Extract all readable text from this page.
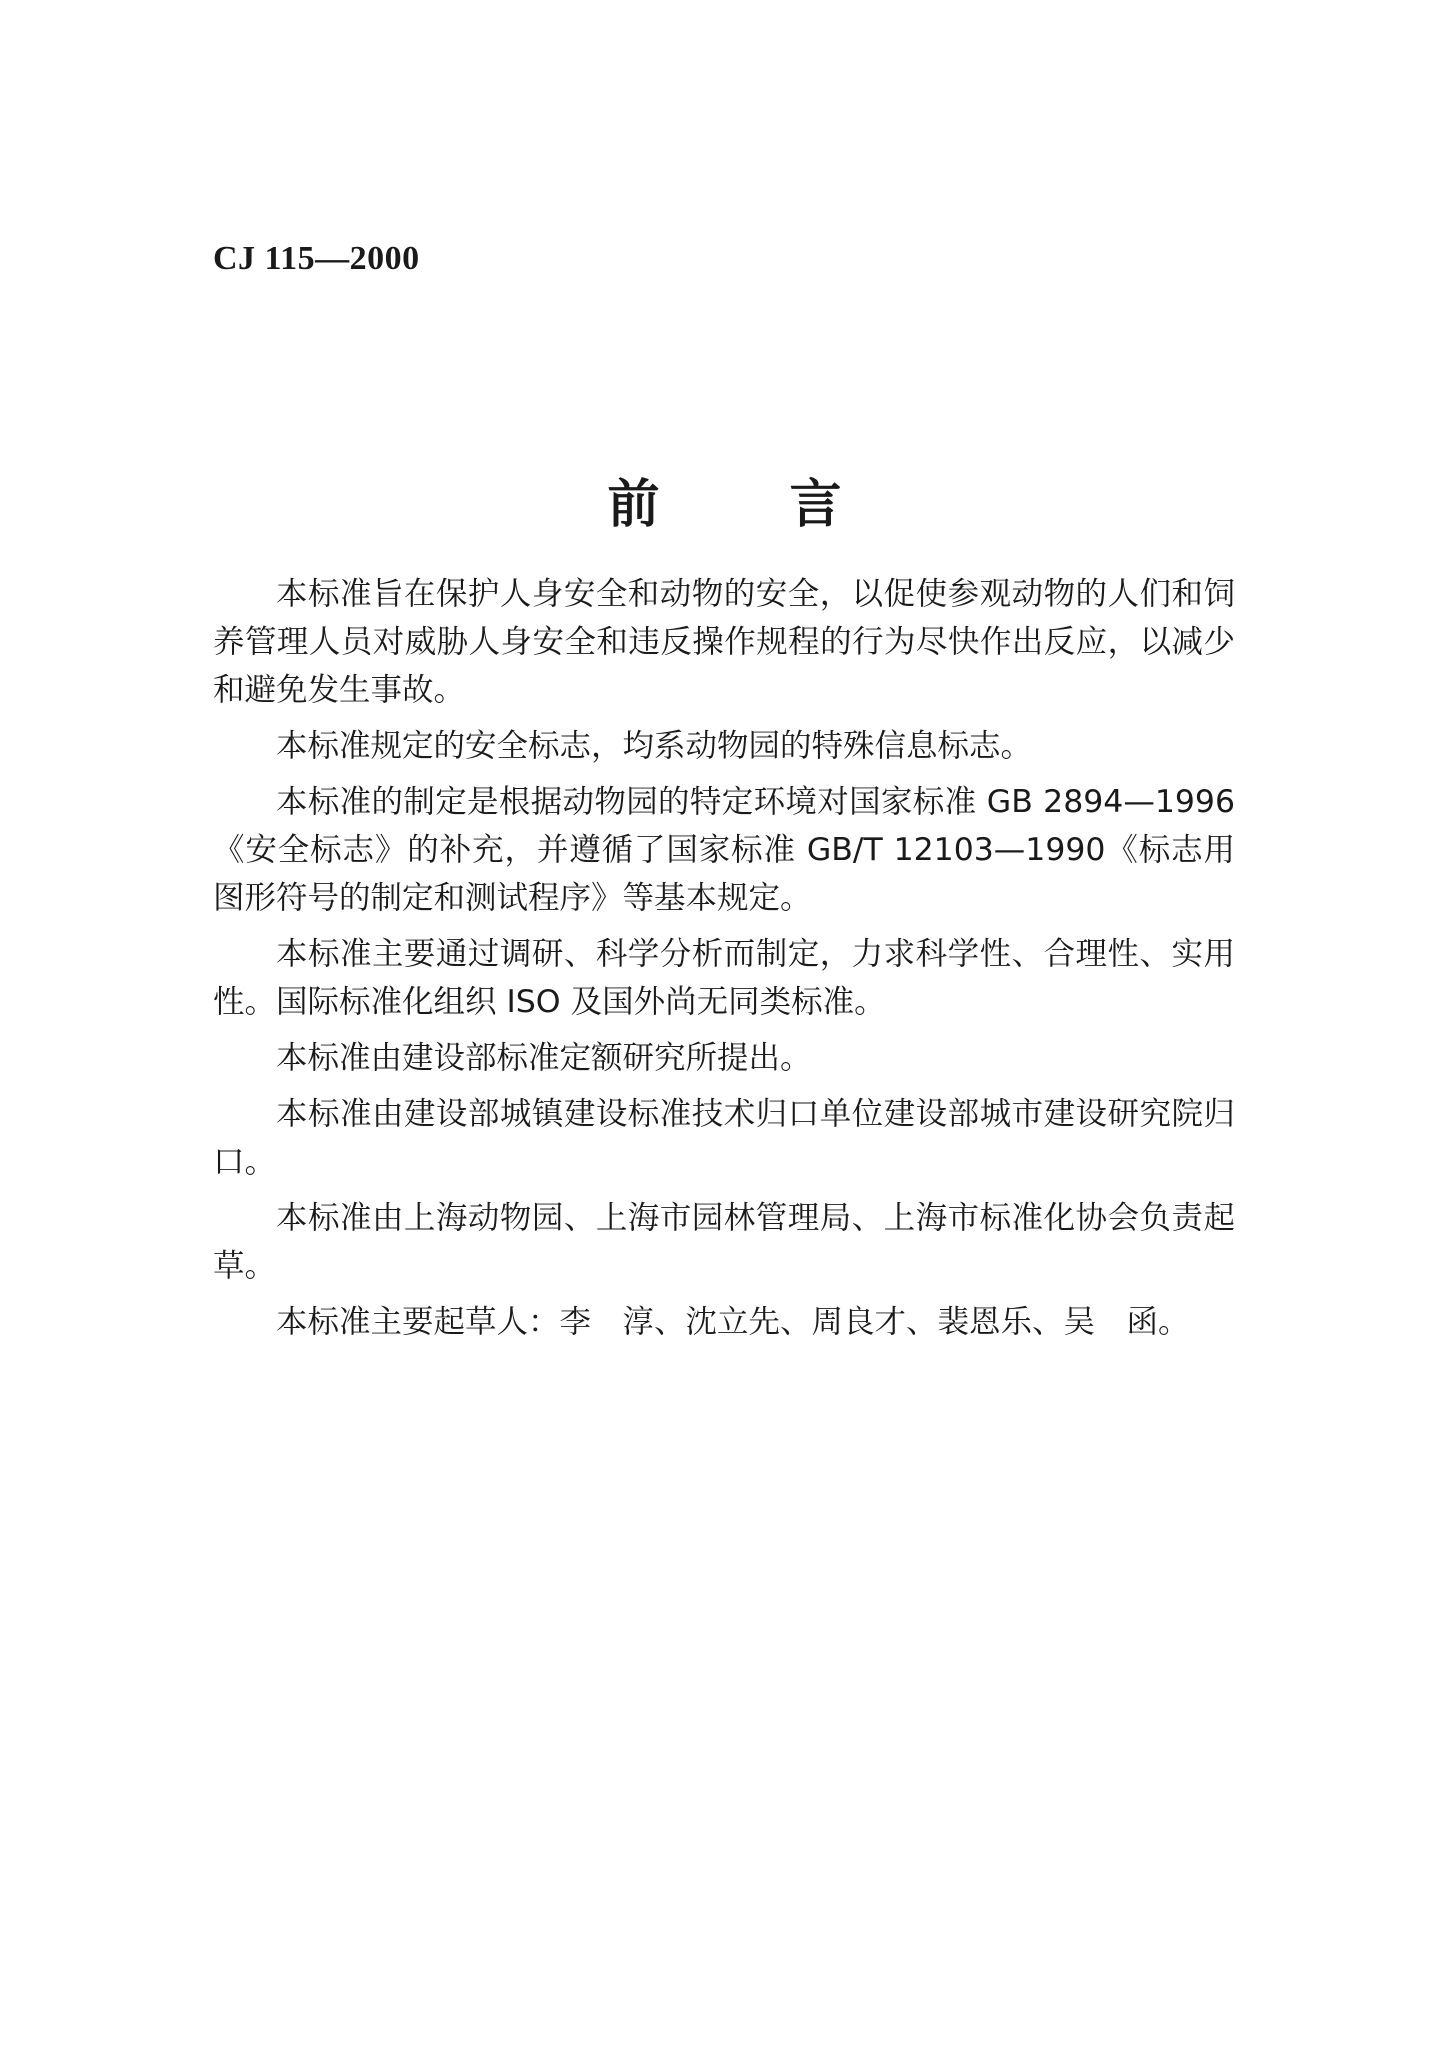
CJ 115—2000
前言

本标准旨在保护人身安全和动物的安全，以促使参观动物的人们和饲养管理人员对威胁人身安全和违反操作规程的行为尽快作出反应，以减少和避免发生事故。

本标准规定的安全标志，均系动物园的特殊信息标志。

本标准的制定是根据动物园的特定环境对国家标准 GB 2894—1996《安全标志》的补充，并遵循了国家标准 GB/T 12103—1990《标志用图形符号的制定和测试程序》等基本规定。

本标准主要通过调研、科学分析而制定，力求科学性、合理性、实用性。国际标准化组织 ISO 及国外尚无同类标准。

本标准由建设部标准定额研究所提出。

本标准由建设部城镇建设标准技术归口单位建设部城市建设研究院归口。

本标准由上海动物园、上海市园林管理局、上海市标准化协会负责起草。

本标准主要起草人：李　淳、沈立先、周良才、裴恩乐、吴　函。
